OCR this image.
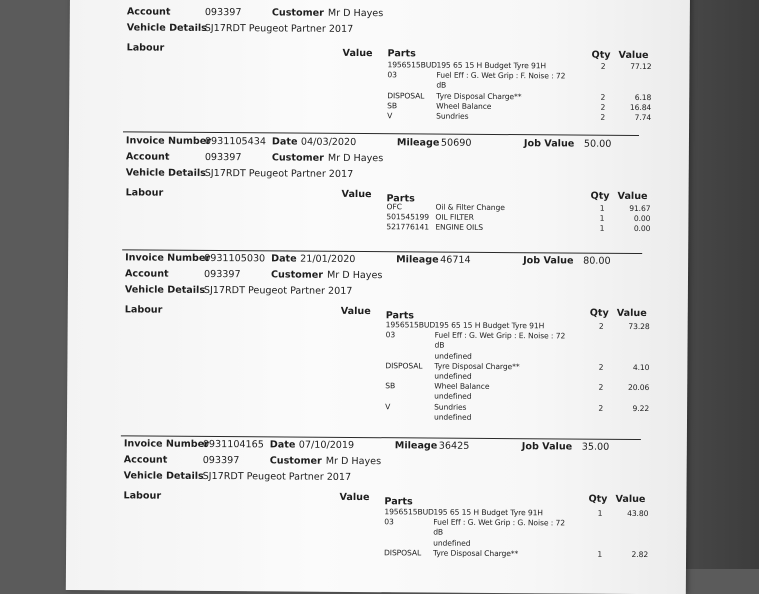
Account	093397	Customer Mr D Hayes
Vehicle Details
SJ17RDT Peugeot Partner 2017
Labour	Value Parts	Qty Value
1956515BUD 195 65 15 H Budget Tyre 91H	2	77.12
03	Fuel Eff : G. Wet Grip : F. Noise : 72
dB
DISPOSAL Tyre Disposal Charge**	2	6.18
SB	Wheel Balance	2	16.84
V	Sundries	2	7.74
Invoice Number
0931105434 Date 04/03/2020	Mileage 50690	Job Value 50.00
Account	093397	Customer Mr D Hayes
Vehicle Details
SJ17RDT Peugeot Partner 2017
Labour	Value Parts	Qty Value
OFC	Oil & Filter Change	1	91.67
501545199 OIL FILTER	1	0.00
521776141 ENGINE OILS	1	0.00
Invoice Number
0931105030 Date 21/01/2020	Mileage 46714	Job Value 80.00
Account	093397	Customer Mr D Hayes
Vehicle Details
SJ17RDT Peugeot Partner 2017
Labour	Value Parts	Qty Value
1956515BUD 195 65 15 H Budget Tyre 91H	2	73.28
03	Fuel Eff : G. Wet Grip : E. Noise : 72
dB
undefined
DISPOSAL Tyre Disposal Charge**	2	4.10
undefined
SB	Wheel Balance	2	20.06
undefined
V	Sundries	2	9.22
undefined
Invoice Number
0931104165 Date 07/10/2019	Mileage 36425	Job Value 35.00
Account	093397	Customer Mr D Hayes
Vehicle Details
SJ17RDT Peugeot Partner 2017
Labour	Value Parts	Qty Value
1956515BUD 195 65 15 H Budget Tyre 91H	1	43.80
03	Fuel Eff : G. Wet Grip : G. Noise : 72
dB
undefined
DISPOSAL Tyre Disposal Charge**	1	2.82
